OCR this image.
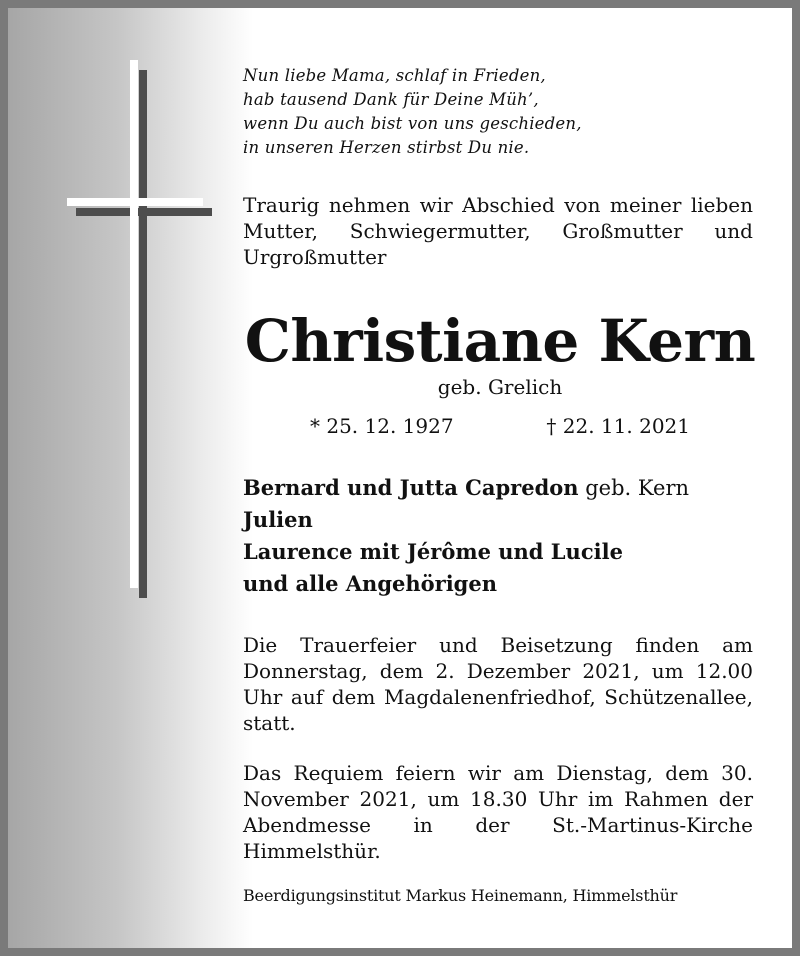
Nun liebe Mama, schlaf in Frieden,
hab tausend Dank für Deine Müh’,
wenn Du auch bist von uns geschieden,
in unseren Herzen stirbst Du nie.
Traurig nehmen wir Abschied von meiner lieben Mutter, Schwiegermutter, Großmutter und Urgroßmutter
Christiane Kern
geb. Grelich
* 25. 12. 1927	† 22. 11. 2021
Bernard und Jutta Capredon geb. Kern
Julien
Laurence mit Jérôme und Lucile
und alle Angehörigen
Die Trauerfeier und Beisetzung finden am Donnerstag, dem 2. Dezember 2021, um 12.00 Uhr auf dem Magdalenenfriedhof, Schützenallee, statt.
Das Requiem feiern wir am Dienstag, dem 30. November 2021, um 18.30 Uhr im Rahmen der Abendmesse in der St.-Martinus-Kirche Himmelsthür.
Beerdigungsinstitut Markus Heinemann, Himmelsthür
